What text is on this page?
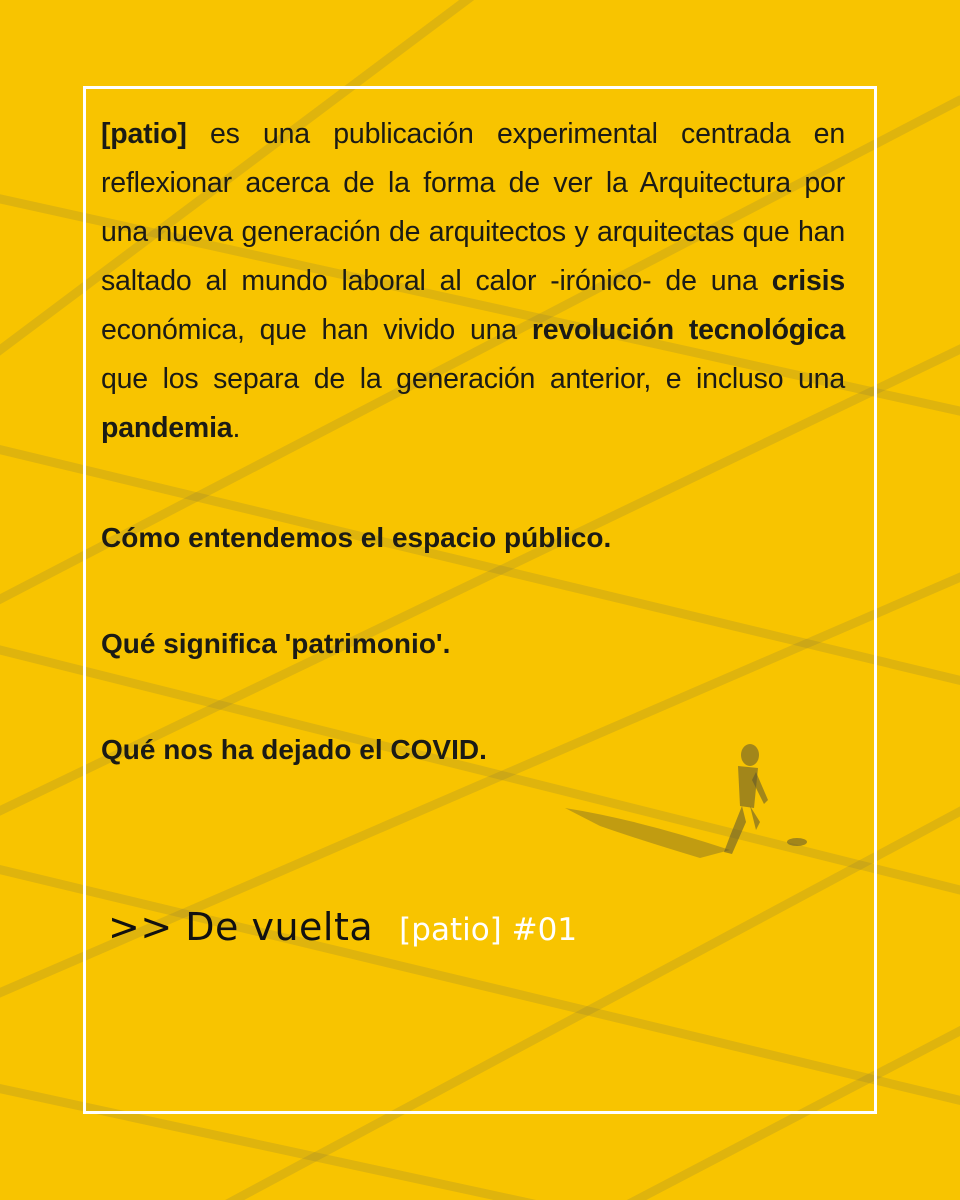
[patio] es una publicación experimental centrada en reflexionar acerca de la forma de ver la Arquitectura por una nueva generación de arquitectos y arquitectas que han saltado al mundo laboral al calor -irónico- de una crisis económica, que han vivido una revolución tecnológica que los separa de la generación anterior, e incluso una pandemia.

Cómo entendemos el espacio público.

Qué significa 'patrimonio'.

Qué nos ha dejado el COVID.

>> De vuelta [patio] #01
